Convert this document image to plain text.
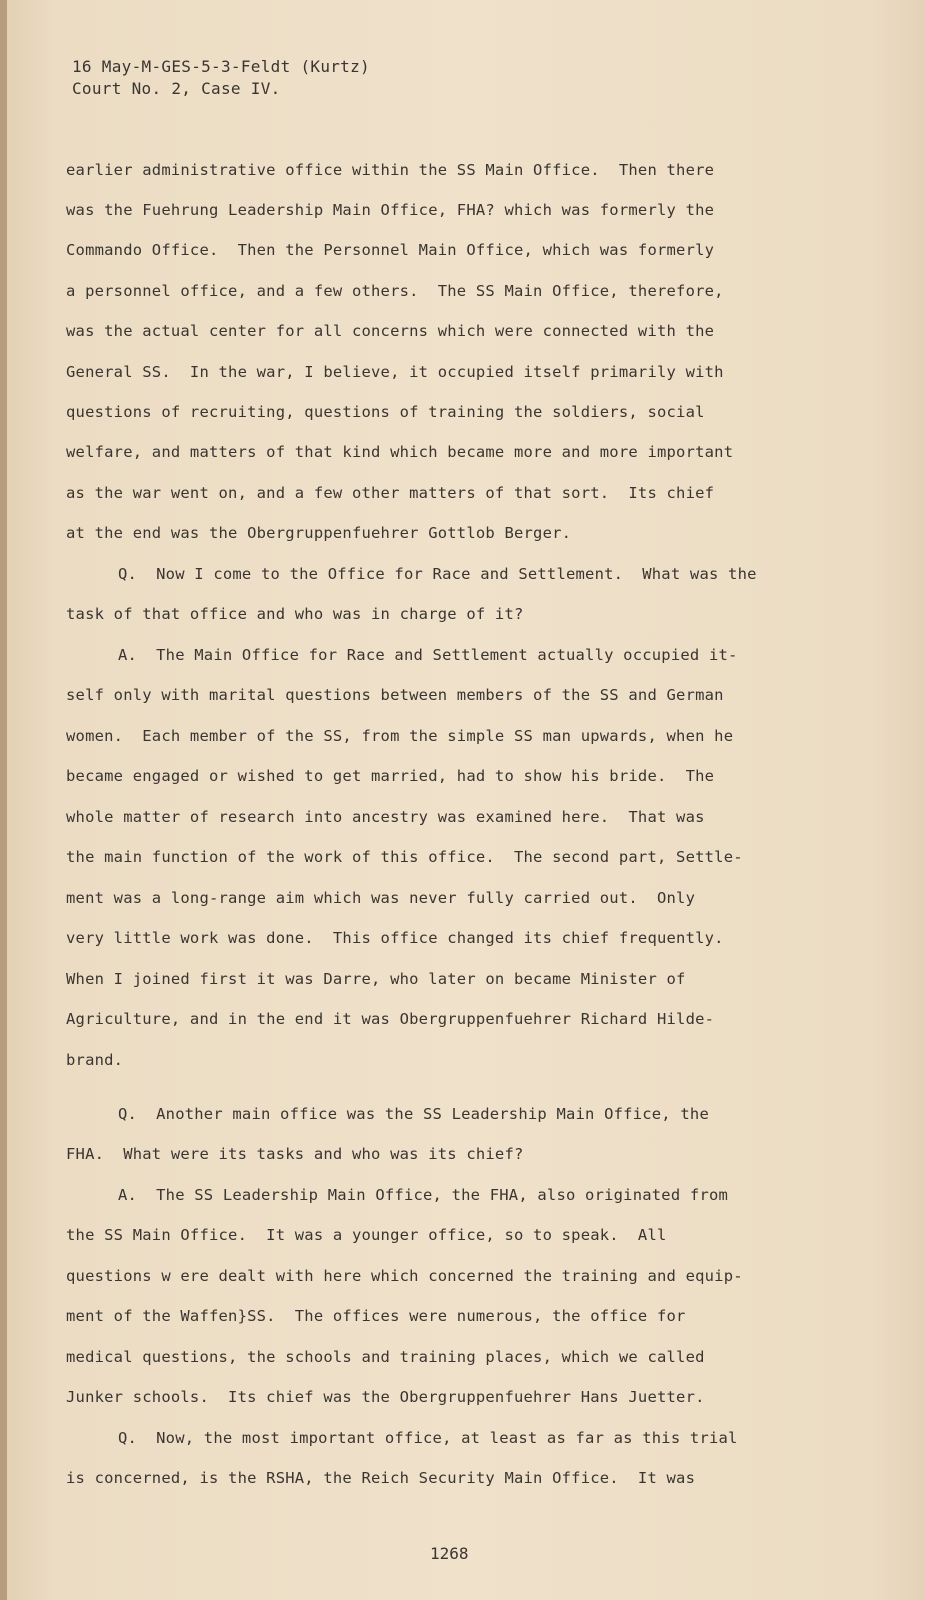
16 May-M-GES-5-3-Feldt (Kurtz)
Court No. 2, Case IV.
earlier administrative office within the SS Main Office.  Then there
was the Fuehrung Leadership Main Office, FHA? which was formerly the
Commando Office.  Then the Personnel Main Office, which was formerly
a personnel office, and a few others.  The SS Main Office, therefore,
was the actual center for all concerns which were connected with the
General SS.  In the war, I believe, it occupied itself primarily with
questions of recruiting, questions of training the soldiers, social
welfare, and matters of that kind which became more and more important
as the war went on, and a few other matters of that sort.  Its chief
at the end was the Obergruppenfuehrer Gottlob Berger.
Q.  Now I come to the Office for Race and Settlement.  What was the
task of that office and who was in charge of it?
A.  The Main Office for Race and Settlement actually occupied it-
self only with marital questions between members of the SS and German
women.  Each member of the SS, from the simple SS man upwards, when he
became engaged or wished to get married, had to show his bride.  The
whole matter of research into ancestry was examined here.  That was
the main function of the work of this office.  The second part, Settle-
ment was a long-range aim which was never fully carried out.  Only
very little work was done.  This office changed its chief frequently.
When I joined first it was Darre, who later on became Minister of
Agriculture, and in the end it was Obergruppenfuehrer Richard Hilde-
brand.
Q.  Another main office was the SS Leadership Main Office, the
FHA.  What were its tasks and who was its chief?
A.  The SS Leadership Main Office, the FHA, also originated from
the SS Main Office.  It was a younger office, so to speak.  All
questions w ere dealt with here which concerned the training and equip-
ment of the Waffen}SS.  The offices were numerous, the office for
medical questions, the schools and training places, which we called
Junker schools.  Its chief was the Obergruppenfuehrer Hans Juetter.
Q.  Now, the most important office, at least as far as this trial
is concerned, is the RSHA, the Reich Security Main Office.  It was
1268
